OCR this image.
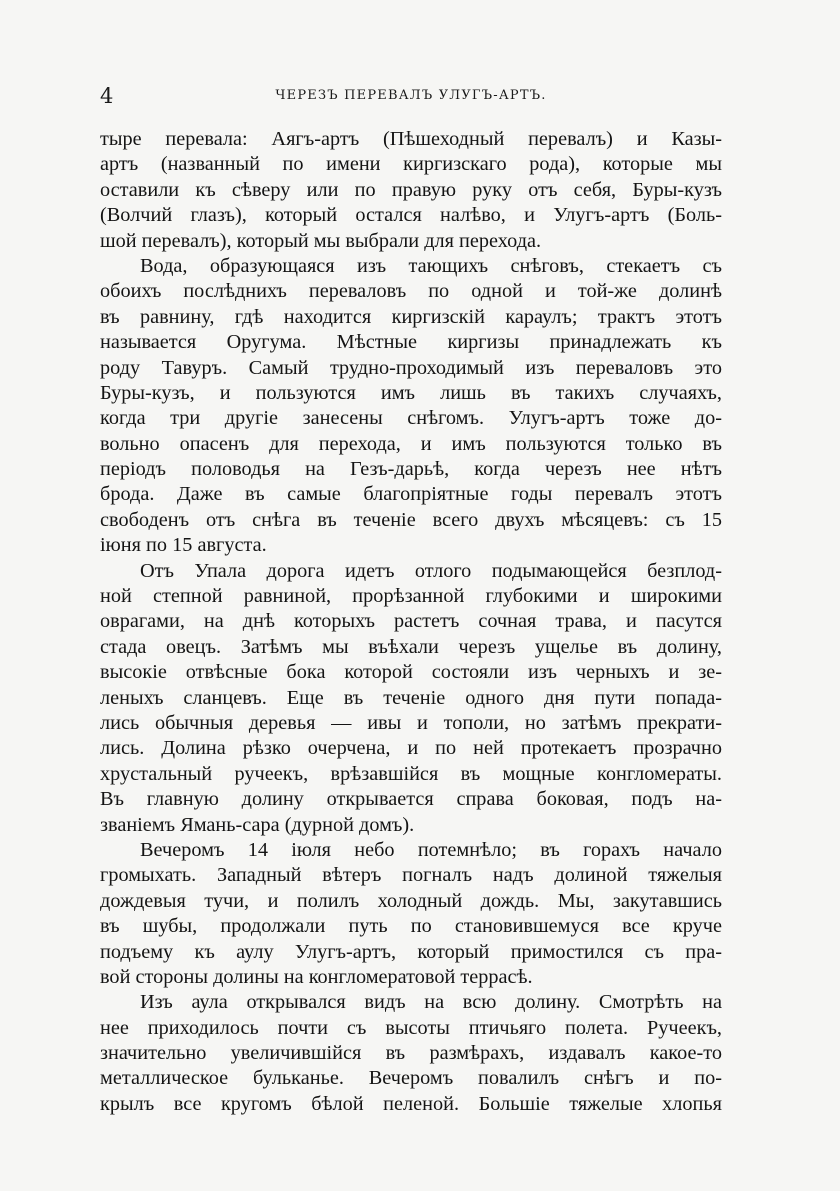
4	ЧЕРЕЗЪ ПЕРЕВАЛЪ УЛУГЪ-АРТЪ.

тыре перевала: Аягъ-артъ (Пѣшеходный перевалъ) и Казы-
артъ (названный по имени киргизскаго рода), которые мы
оставили къ сѣверу или по правую руку отъ себя, Буры-кузъ
(Волчий глазъ), который остался налѣво, и Улугъ-артъ (Боль-
шой перевалъ), который мы выбрали для перехода.

Вода, образующаяся изъ тающихъ снѣговъ, стекаетъ съ
обоихъ послѣднихъ переваловъ по одной и той-же долинѣ
въ равнину, гдѣ находится киргизскій караулъ; трактъ этотъ
называется Оругума. Мѣстные киргизы принадлежать къ
роду Тавуръ. Самый трудно-проходимый изъ переваловъ это
Буры-кузъ, и пользуются имъ лишь въ такихъ случаяхъ,
когда три другіе занесены снѣгомъ. Улугъ-артъ тоже до-
вольно опасенъ для перехода, и имъ пользуются только въ
періодъ половодья на Гезъ-дарьѣ, когда черезъ нее нѣтъ
брода. Даже въ самые благопріятные годы перевалъ этотъ
свободенъ отъ снѣга въ теченіе всего двухъ мѣсяцевъ: съ 15
іюня по 15 августа.

Отъ Упала дорога идетъ отлого подымающейся безплод-
ной степной равниной, прорѣзанной глубокими и широкими
оврагами, на днѣ которыхъ растетъ сочная трава, и пасутся
стада овецъ. Затѣмъ мы въѣхали черезъ ущелье въ долину,
высокіе отвѣсные бока которой состояли изъ черныхъ и зе-
леныхъ сланцевъ. Еще въ теченіе одного дня пути попада-
лись обычныя деревья — ивы и тополи, но затѣмъ прекрати-
лись. Долина рѣзко очерчена, и по ней протекаетъ прозрачно
хрустальный ручеекъ, врѣзавшійся въ мощные конгломераты.
Въ главную долину открывается справа боковая, подъ на-
званіемъ Ямань-сара (дурной домъ).

Вечеромъ 14 іюля небо потемнѣло; въ горахъ начало
громыхать. Западный вѣтеръ погналъ надъ долиной тяжелыя
дождевыя тучи, и полилъ холодный дождь. Мы, закутавшись
въ шубы, продолжали путь по становившемуся все круче
подъему къ аулу Улугъ-артъ, который примостился съ пра-
вой стороны долины на конгломератовой террасѣ.

Изъ аула открывался видъ на всю долину. Смотрѣть на
нее приходилось почти съ высоты птичьяго полета. Ручеекъ,
значительно увеличившійся въ размѣрахъ, издавалъ какое-то
металлическое бульканье. Вечеромъ повалилъ снѣгъ и по-
крылъ все кругомъ бѣлой пеленой. Большіе тяжелые хлопья
